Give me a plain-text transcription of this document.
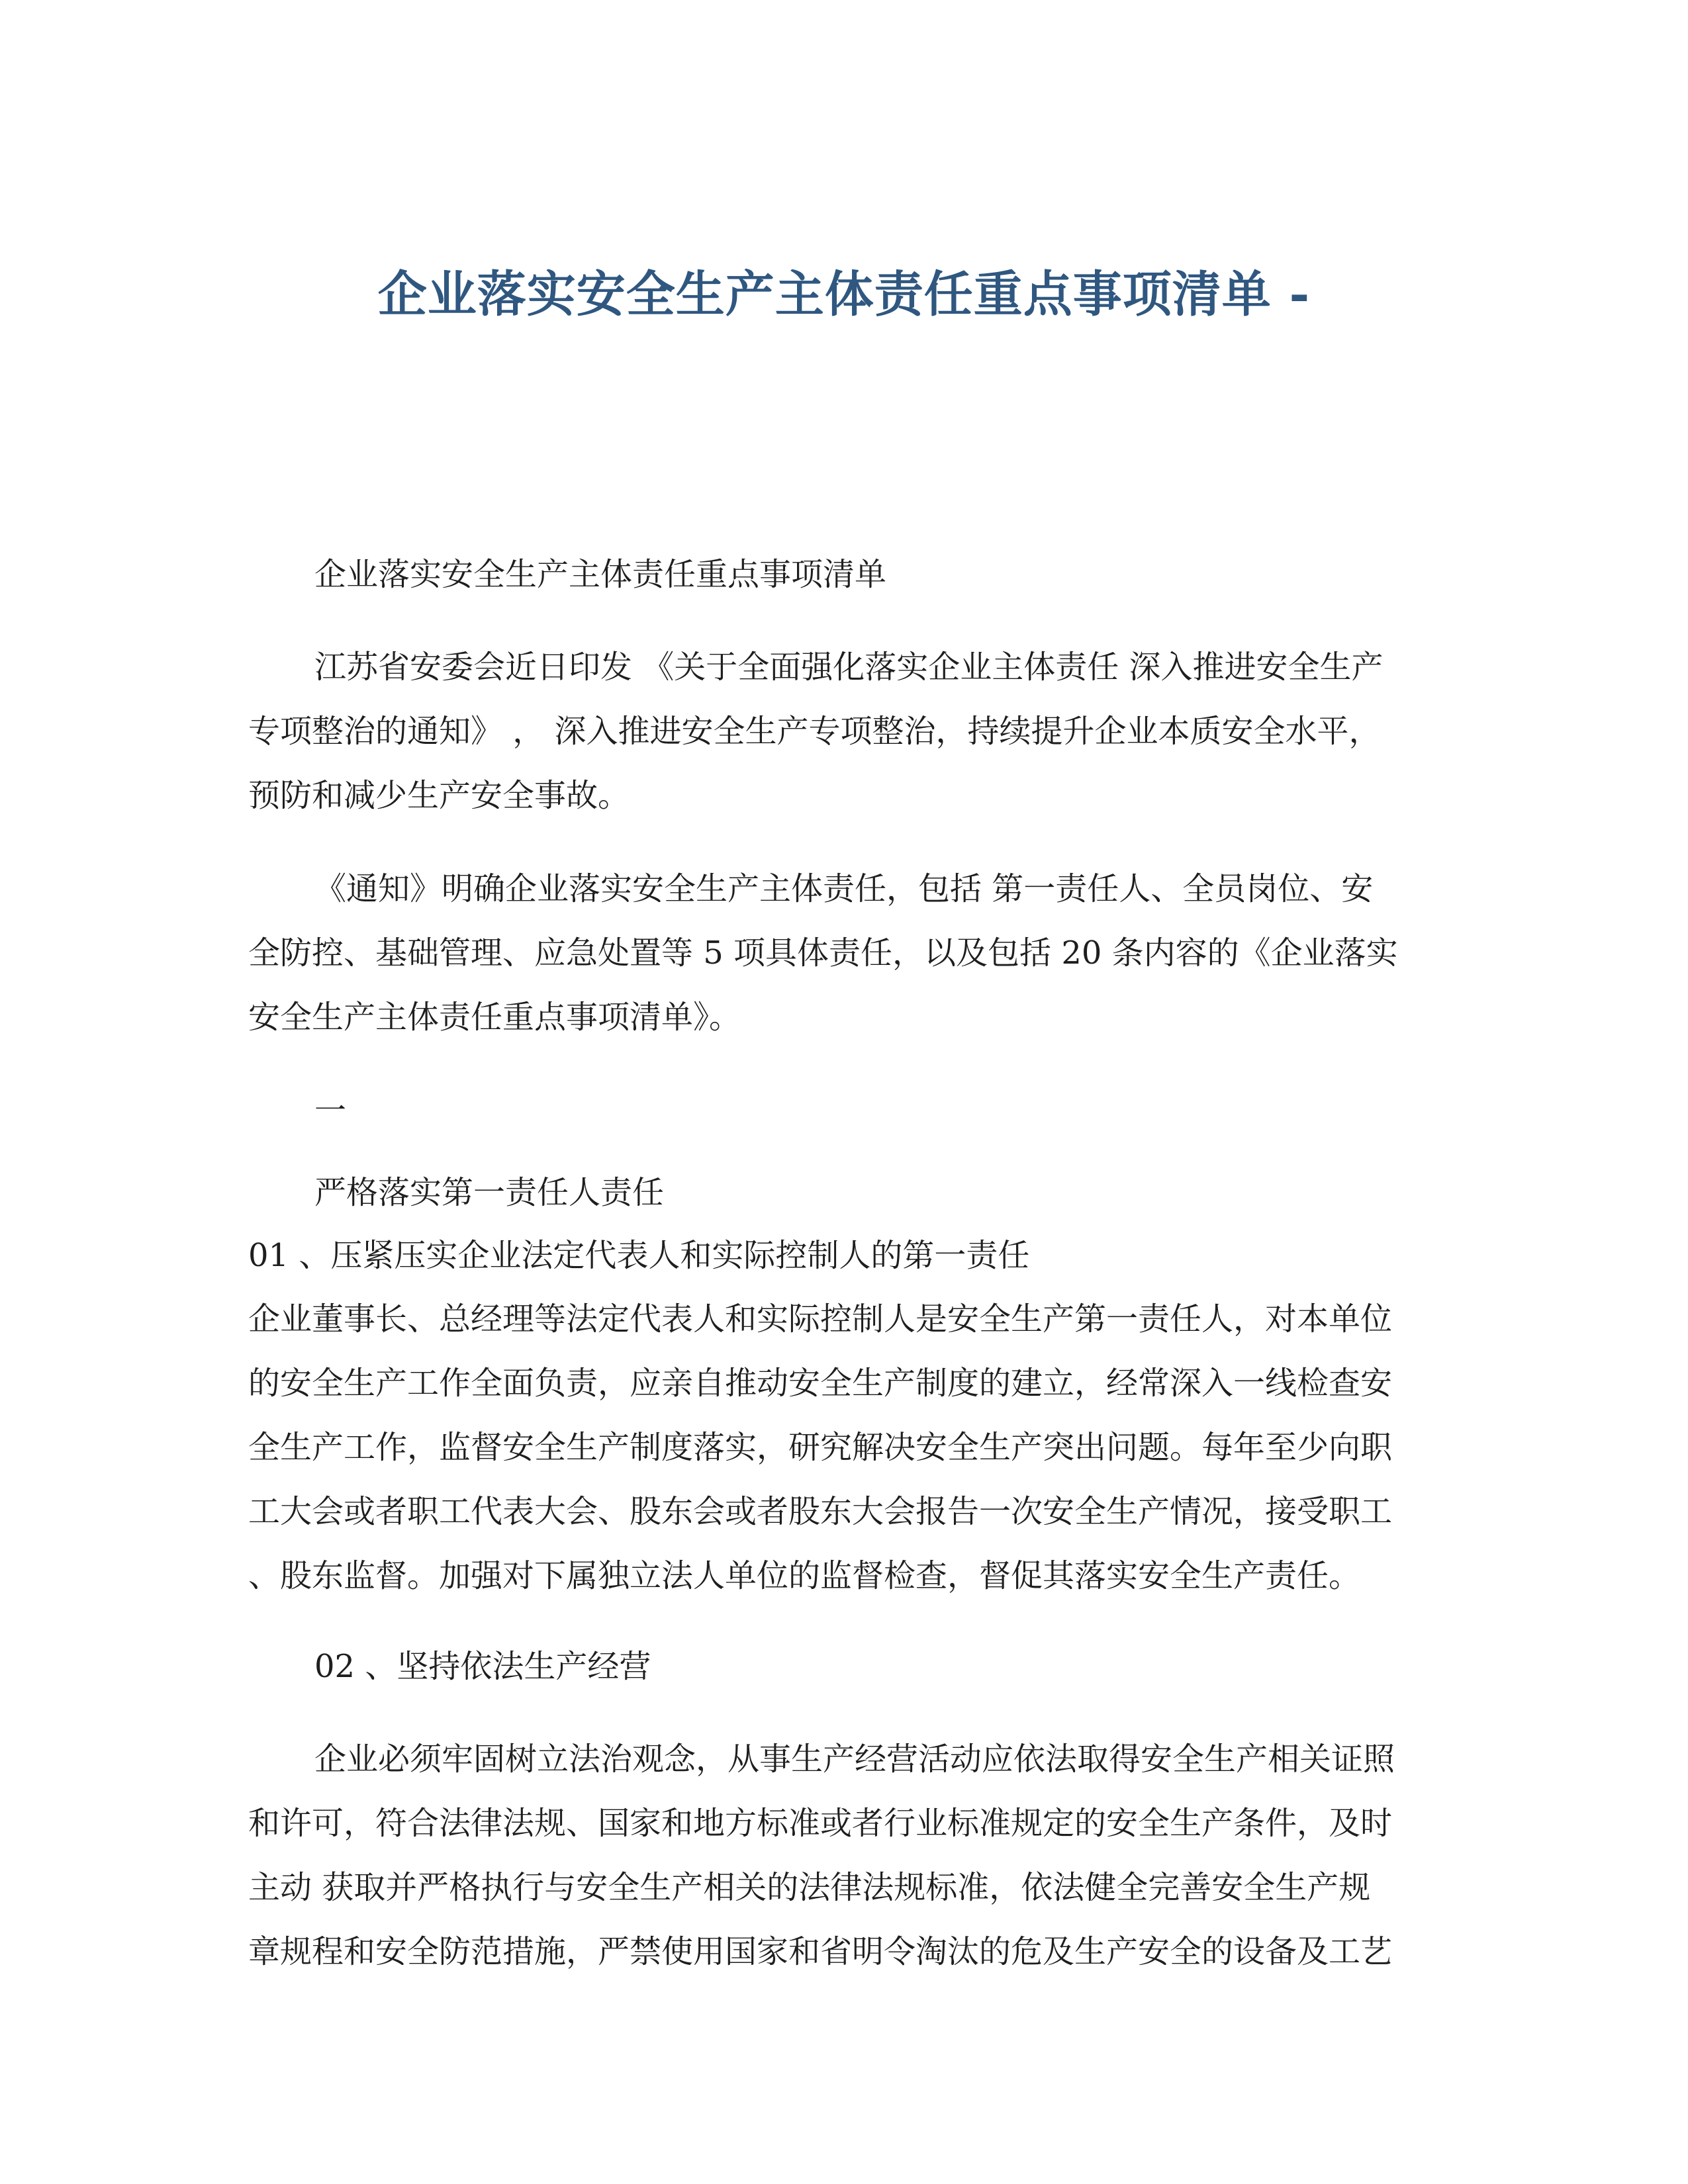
企业落实安全生产主体责任重点事项清单 -
企业落实安全生产主体责任重点事项清单
江苏省安委会近日印发 《关于全面强化落实企业主体责任 深入推进安全生产
专项整治的通知》 ， 深入推进安全生产专项整治，持续提升企业本质安全水平，
预防和减少生产安全事故。
《通知》明确企业落实安全生产主体责任，包括 第一责任人、全员岗位、安
全防控、基础管理、应急处置等 5 项具体责任，以及包括 20 条内容的《企业落实
安全生产主体责任重点事项清单》。
一
严格落实第一责任人责任
01 、压紧压实企业法定代表人和实际控制人的第一责任
企业董事长、总经理等法定代表人和实际控制人是安全生产第一责任人，对本单位
的安全生产工作全面负责，应亲自推动安全生产制度的建立，经常深入一线检查安
全生产工作，监督安全生产制度落实，研究解决安全生产突出问题。每年至少向职
工大会或者职工代表大会、股东会或者股东大会报告一次安全生产情况，接受职工
、股东监督。加强对下属独立法人单位的监督检查，督促其落实安全生产责任。
02 、坚持依法生产经营
企业必须牢固树立法治观念，从事生产经营活动应依法取得安全生产相关证照
和许可，符合法律法规、国家和地方标准或者行业标准规定的安全生产条件，及时
主动 获取并严格执行与安全生产相关的法律法规标准，依法健全完善安全生产规
章规程和安全防范措施，严禁使用国家和省明令淘汰的危及生产安全的设备及工艺
